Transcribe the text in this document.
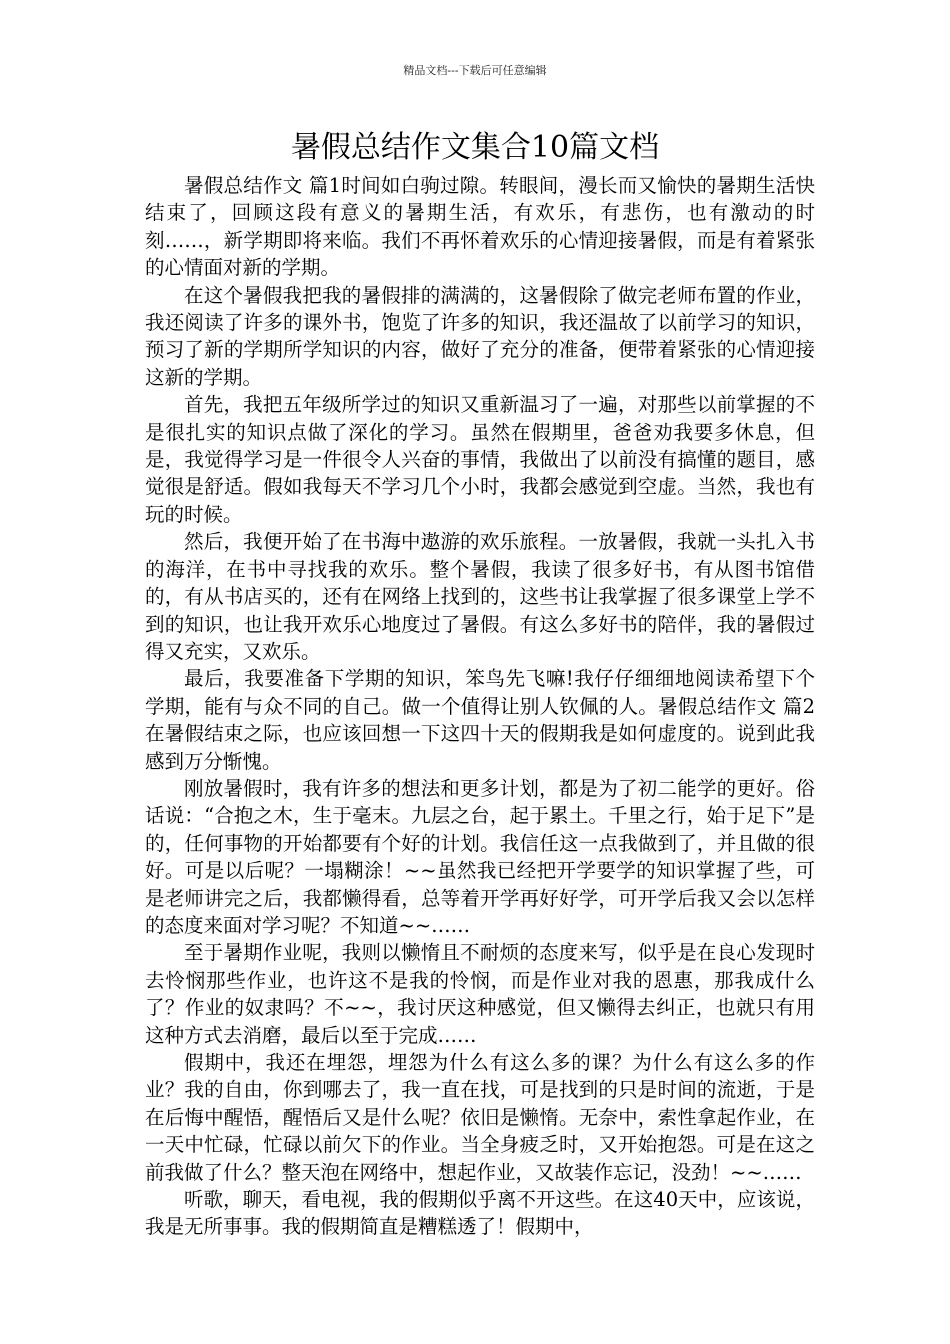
精品文档---下载后可任意编辑
暑假总结作文集合10篇文档

暑假总结作文 篇1时间如白驹过隙。转眼间，漫长而又愉快的暑期生活快结束了，回顾这段有意义的暑期生活，有欢乐，有悲伤，也有激动的时刻……，新学期即将来临。我们不再怀着欢乐的心情迎接暑假，而是有着紧张的心情面对新的学期。

在这个暑假我把我的暑假排的满满的，这暑假除了做完老师布置的作业，我还阅读了许多的课外书，饱览了许多的知识，我还温故了以前学习的知识，预习了新的学期所学知识的内容，做好了充分的准备，便带着紧张的心情迎接这新的学期。

首先，我把五年级所学过的知识又重新温习了一遍，对那些以前掌握的不是很扎实的知识点做了深化的学习。虽然在假期里，爸爸劝我要多休息，但是，我觉得学习是一件很令人兴奋的事情，我做出了以前没有搞懂的题目，感觉很是舒适。假如我每天不学习几个小时，我都会感觉到空虚。当然，我也有玩的时候。

然后，我便开始了在书海中遨游的欢乐旅程。一放暑假，我就一头扎入书的海洋，在书中寻找我的欢乐。整个暑假，我读了很多好书，有从图书馆借的，有从书店买的，还有在网络上找到的，这些书让我掌握了很多课堂上学不到的知识，也让我开欢乐心地度过了暑假。有这么多好书的陪伴，我的暑假过得又充实，又欢乐。

最后，我要准备下学期的知识，笨鸟先飞嘛!我仔仔细细地阅读希望下个学期，能有与众不同的自己。做一个值得让别人钦佩的人。暑假总结作文 篇2在暑假结束之际，也应该回想一下这四十天的假期我是如何虚度的。说到此我感到万分惭愧。

刚放暑假时，我有许多的想法和更多计划，都是为了初二能学的更好。俗话说：“合抱之木，生于毫末。九层之台，起于累土。千里之行，始于足下”是的，任何事物的开始都要有个好的计划。我信任这一点我做到了，并且做的很好。可是以后呢？一塌糊涂！~~虽然我已经把开学要学的知识掌握了些，可是老师讲完之后，我都懒得看，总等着开学再好好学，可开学后我又会以怎样的态度来面对学习呢？不知道~~……

至于暑期作业呢，我则以懒惰且不耐烦的态度来写，似乎是在良心发现时去怜悯那些作业，也许这不是我的怜悯，而是作业对我的恩惠，那我成什么了？作业的奴隶吗？不~~，我讨厌这种感觉，但又懒得去纠正，也就只有用这种方式去消磨，最后以至于完成……

假期中，我还在埋怨，埋怨为什么有这么多的课？为什么有这么多的作业？我的自由，你到哪去了，我一直在找，可是找到的只是时间的流逝，于是在后悔中醒悟，醒悟后又是什么呢？依旧是懒惰。无奈中，索性拿起作业，在一天中忙碌，忙碌以前欠下的作业。当全身疲乏时，又开始抱怨。可是在这之前我做了什么？整天泡在网络中，想起作业，又故装作忘记，没劲！~~……

听歌，聊天，看电视，我的假期似乎离不开这些。在这40天中，应该说，我是无所事事。我的假期简直是糟糕透了！假期中，
